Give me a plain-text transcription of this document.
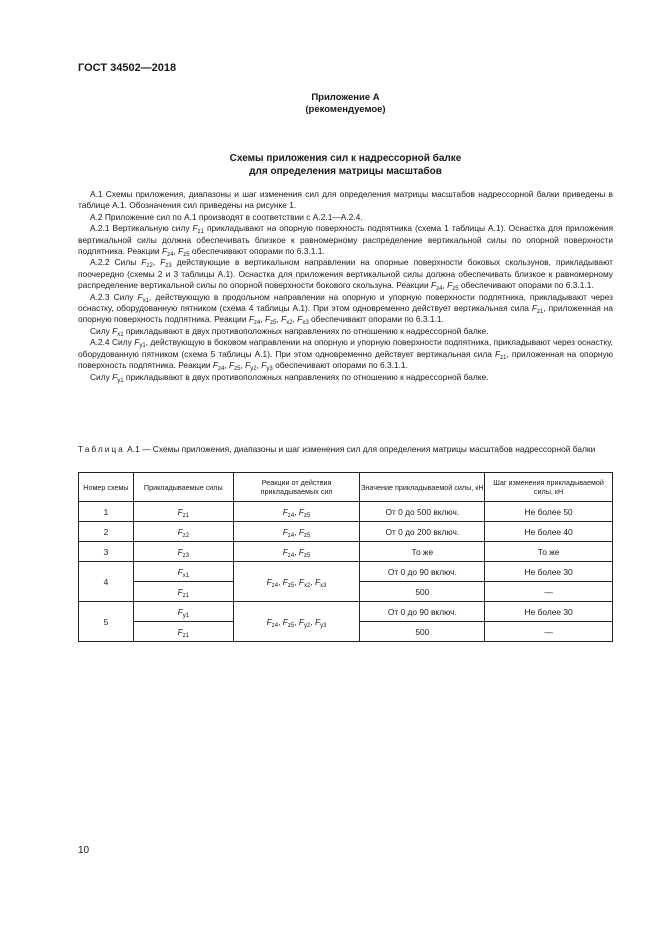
ГОСТ 34502—2018
Приложение А
(рекомендуемое)
Схемы приложения сил к надрессорной балке
для определения матрицы масштабов

А.1 Схемы приложения, диапазоны и шаг изменения сил для определения матрицы масштабов надрессорной балки приведены в таблице А.1. Обозначения сил приведены на рисунке 1.

А.2 Приложение сил по А.1 производят в соответствии с А.2.1—А.2.4.

А.2.1 Вертикальную силу $F_{z1}$ прикладывают на опорную поверхность подпятника (схема 1 таблицы А.1). Оснастка для приложения вертикальной силы должна обеспечивать близкое к равномерному распределение вертикальной силы по опорной поверхности подпятника. Реакции $F_{z4}$, $F_{z5}$ обеспечивают опорами по 6.3.1.1.

А.2.2 Силы $F_{z2}$, $F_{z3}$ действующие в вертикальном направлении на опорные поверхности боковых скользунов, прикладывают поочередно (схемы 2 и 3 таблицы А.1). Оснастка для приложения вертикальной силы должна обеспечивать близкое к равномерному распределение вертикальной силы по опорной поверхности бокового скользуна. Реакции $F_{z4}$, $F_{z5}$ обеспечивают опорами по 6.3.1.1.

А.2.3 Силу $F_{x1}$, действующую в продольном направлении на опорную и упорную поверхности подпятника, прикладывают через оснастку, оборудованную пятником (схема 4 таблицы А.1). При этом одновременно действует вертикальная сила $F_{z1}$, приложенная на опорную поверхность подпятника. Реакции $F_{z4}$, $F_{z5}$, $F_{x2}$, $F_{x3}$ обеспечивают опорами по 6.3.1.1.

Силу $F_{x1}$ прикладывают в двух противоположных направлениях по отношению к надрессорной балке.

А.2.4 Силу $F_{y1}$, действующую в боковом направлении на опорную и упорную поверхности подпятника, прикладывают через оснастку, оборудованную пятником (схема 5 таблицы А.1). При этом одновременно действует вертикальная сила $F_{z1}$, приложенная на опорную поверхность подпятника. Реакции $F_{z4}$, $F_{z5}$, $F_{y2}$, $F_{y3}$ обеспечивают опорами по 6.3.1.1.

Силу $F_{y1}$ прикладывают в двух противоположных направлениях по отношению к надрессорной балке.

Таблица А.1 — Схемы приложения, диапазоны и шаг изменения сил для определения матрицы масштабов надрессорной балки
Номер схемы	Прикладываемые силы	Реакции от действия прикладываемых сил	Значение прикладываемой силы, кН	Шаг изменения прикладываемой силы, кН
1	$F_{z1}$	$F_{z4}$, $F_{z5}$	От 0 до 500 включ.	Не более 50
2	$F_{z2}$	$F_{z4}$, $F_{z5}$	От 0 до 200 включ.	Не более 40
3	$F_{z3}$	$F_{z4}$, $F_{z5}$	То же	То же
4	$F_{x1}$	$F_{z4}$, $F_{z5}$, $F_{x2}$, $F_{x3}$	От 0 до 90 включ.	Не более 30
	$F_{z1}$		500	—
5	$F_{y1}$	$F_{z4}$, $F_{z5}$, $F_{y2}$, $F_{y3}$	От 0 до 90 включ.	Не более 30
	$F_{z1}$		500	—
10
